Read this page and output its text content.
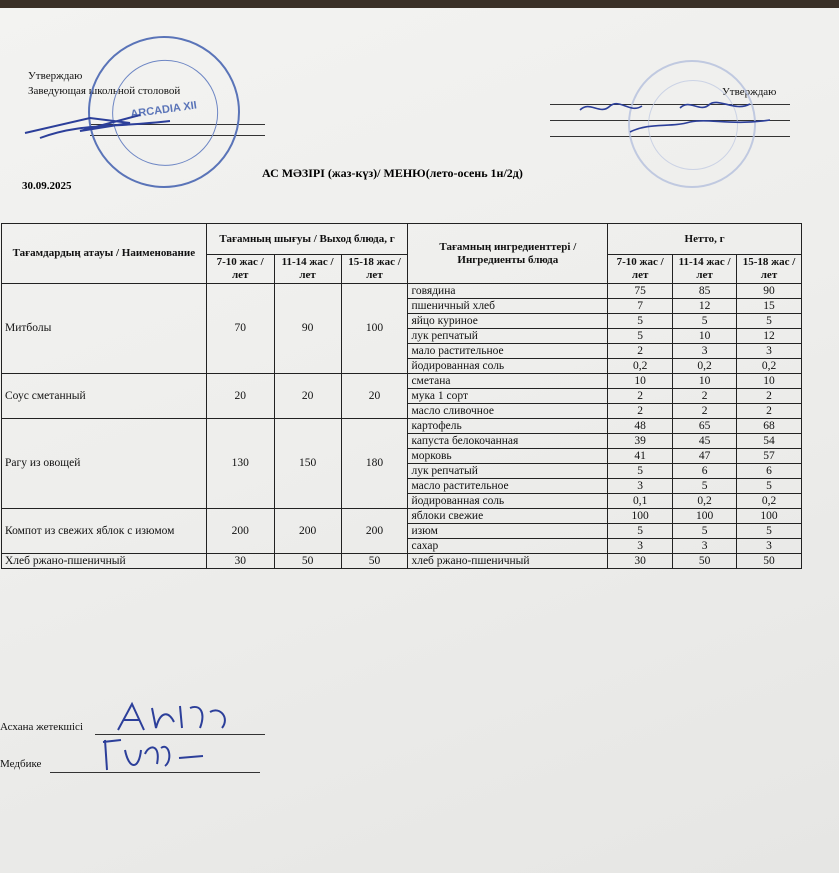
Утверждаю
Заведующая школьной столовой
ARCADIA XII
Утверждаю
30.09.2025
АС МӘЗІРІ (жаз-күз)/ МЕНЮ(лето-осень 1н/2д)
Тағамдардың атауы / Наименование	Тағамның шығуы / Выход блюда, г			Тағамның ингредиенттері / Ингредиенты блюда	Нетто, г		
	7-10 жас / лет	11-14 жас / лет	15-18 жас / лет		7-10 жас / лет	11-14 жас / лет	15-18 жас / лет
Митболы	70	90	100	говядина	75	85	90
				пшеничный хлеб	7	12	15
				яйцо куриное	5	5	5
				лук репчатый	5	10	12
				мало растительное	2	3	3
				йодированная соль	0,2	0,2	0,2
Соус сметанный	20	20	20	сметана	10	10	10
				мука 1 сорт	2	2	2
				масло сливочное	2	2	2
Рагу из овощей	130	150	180	картофель	48	65	68
				капуста белокочанная	39	45	54
				морковь	41	47	57
				лук репчатый	5	6	6
				масло растительное	3	5	5
				йодированная соль	0,1	0,2	0,2
Компот из свежих яблок с изюмом	200	200	200	яблоки свежие	100	100	100
				изюм	5	5	5
				сахар	3	3	3
Хлеб ржано-пшеничный	30	50	50	хлеб ржано-пшеничный	30	50	50
Асхана жетекшісі
Медбике
